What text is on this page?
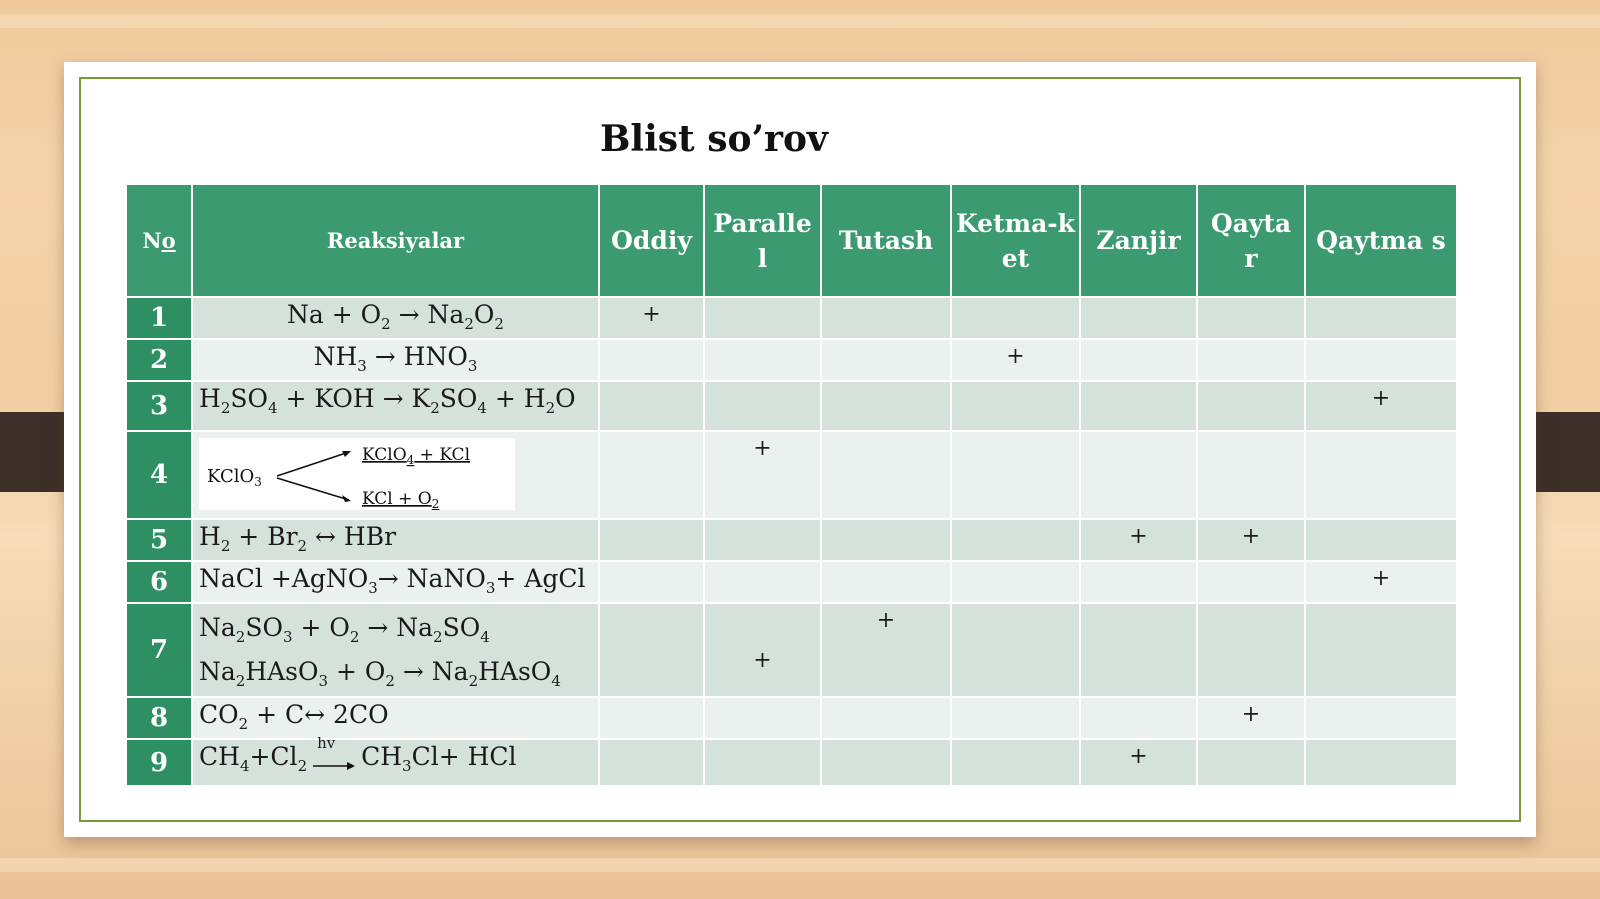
Blist so’rov
No	Reaksiyalar	Oddiy	Paralle l	Tutash	Ketma-ket	Zanjir	Qayta r	Qaytma s
1	$Na + O_2 \to Na_2O_2$	+						
2	$NH_3 \to HNO_3$				+			
3	$H_2SO_4$ + KOH → $K_2SO_4 + H_2O$							+
4	KClO$_3$
KClO$_4$ + KCl
KCl + $O_2$		+					
5	$H_2 + Br_2$ ↔ HBr					+	+	
6	NaCl +AgNO$_3$→ NaNO$_3$+ AgCl							+
7	$Na_2SO_3 + O_2 \to Na_2SO_4$
$Na_2HAsO_3 + O_2$ → $Na_2HAsO_4$		+	+				
8	$CO_2$ + C↔ 2CO						+	
9	$CH_4+Cl_2$
hv $CH_3Cl+$ HCl					+		
